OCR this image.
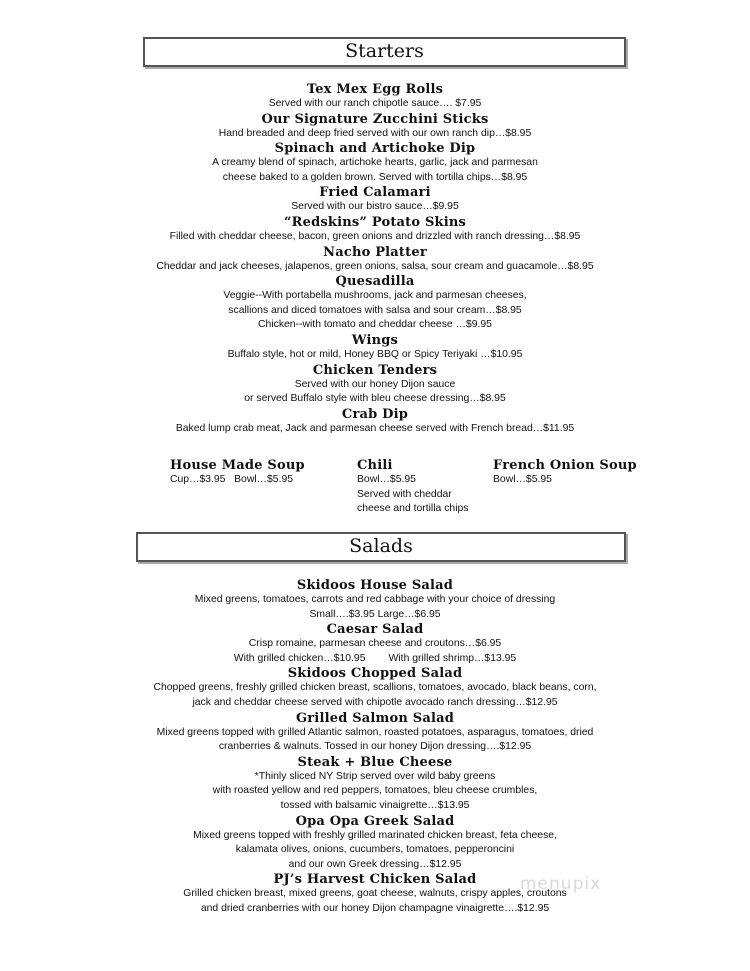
Starters

Tex Mex Egg Rolls

Served with our ranch chipotle sauce…. $7.95

Our Signature Zucchini Sticks

Hand breaded and deep fried served with our own ranch dip…$8.95

Spinach and Artichoke Dip

A creamy blend of spinach, artichoke hearts, garlic, jack and parmesan

cheese baked to a golden brown. Served with tortilla chips…$8.95

Fried Calamari

Served with our bistro sauce…$9.95

“Redskins” Potato Skins

Filled with cheddar cheese, bacon, green onions and drizzled with ranch dressing…$8.95

Nacho Platter

Cheddar and jack cheeses, jalapenos, green onions, salsa, sour cream and guacamole…$8.95

Quesadilla

Veggie--With portabella mushrooms, jack and parmesan cheeses,

scallions and diced tomatoes with salsa and sour cream…$8.95

Chicken--with tomato and cheddar cheese …$9.95

Wings

Buffalo style, hot or mild, Honey BBQ or Spicy Teriyaki …$10.95

Chicken Tenders

Served with our honey Dijon sauce

or served Buffalo style with bleu cheese dressing…$8.95

Crab Dip

Baked lump crab meat, Jack and parmesan cheese served with French bread…$11.95

House Made Soup

Cup…$3.95   Bowl…$5.95

Chili

Bowl…$5.95

Served with cheddar

cheese and tortilla chips

French Onion Soup

Bowl…$5.95

Salads

Skidoos House Salad

Mixed greens, tomatoes, carrots and red cabbage with your choice of dressing

Small….$3.95 Large…$6.95

Caesar Salad

Crisp romaine, parmesan cheese and croutons…$6.95

With grilled chicken…$10.95        With grilled shrimp…$13.95

Skidoos Chopped Salad

Chopped greens, freshly grilled chicken breast, scallions, tomatoes, avocado, black beans, corn,

jack and cheddar cheese served with chipotle avocado ranch dressing…$12.95

Grilled Salmon Salad

Mixed greens topped with grilled Atlantic salmon, roasted potatoes, asparagus, tomatoes, dried

cranberries & walnuts. Tossed in our honey Dijon dressing….$12.95

Steak + Blue Cheese

*Thinly sliced NY Strip served over wild baby greens

with roasted yellow and red peppers, tomatoes, bleu cheese crumbles,

tossed with balsamic vinaigrette…$13.95

Opa Opa Greek Salad

Mixed greens topped with freshly grilled marinated chicken breast, feta cheese,

kalamata olives, onions, cucumbers, tomatoes, pepperoncini

and our own Greek dressing…$12.95

PJ’s Harvest Chicken Salad

Grilled chicken breast, mixed greens, goat cheese, walnuts, crispy apples, croutons

and dried cranberries with our honey Dijon champagne vinaigrette….$12.95

menupix
